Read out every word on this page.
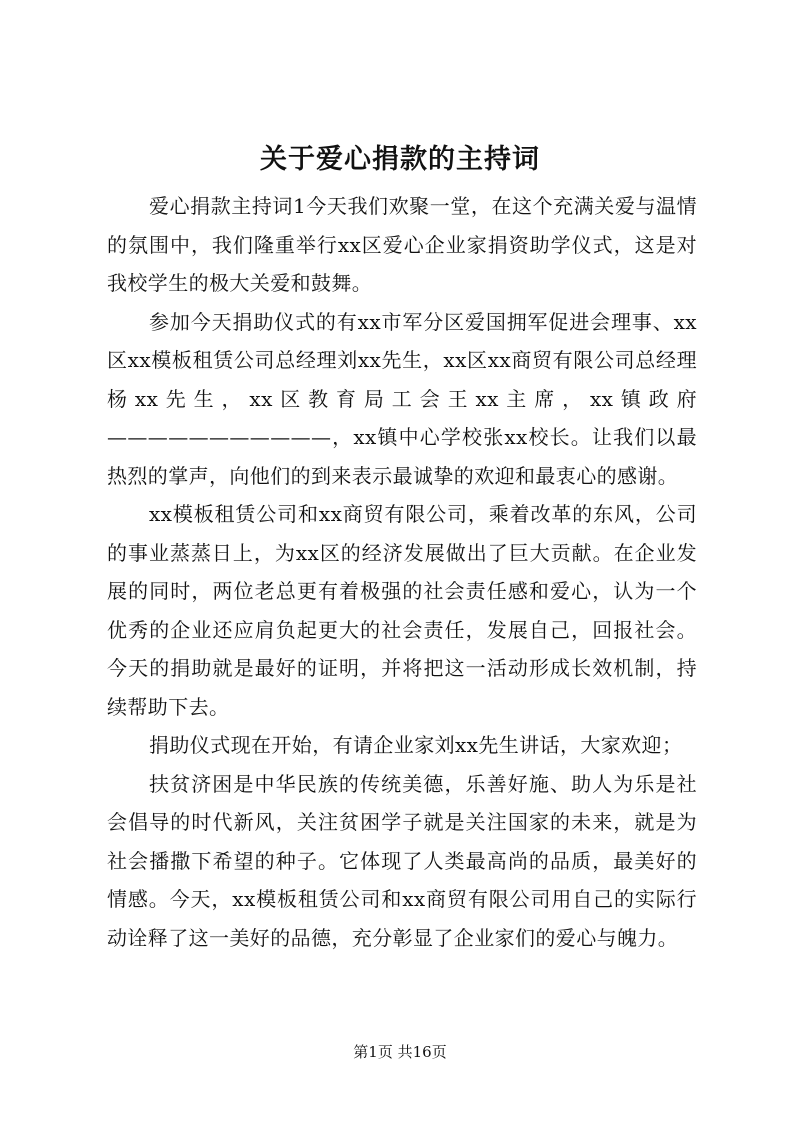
关于爱心捐款的主持词

爱心捐款主持词1今天我们欢聚一堂，在这个充满关爱与温情的氛围中，我们隆重举行xx区爱心企业家捐资助学仪式，这是对我校学生的极大关爱和鼓舞。

参加今天捐助仪式的有xx市军分区爱国拥军促进会理事、xx区xx模板租赁公司总经理刘xx先生，xx区xx商贸有限公司总经理杨xx先生，xx区教育局工会王xx主席，xx镇政府———————————，xx镇中心学校张xx校长。让我们以最热烈的掌声，向他们的到来表示最诚挚的欢迎和最衷心的感谢。

xx模板租赁公司和xx商贸有限公司，乘着改革的东风，公司的事业蒸蒸日上，为xx区的经济发展做出了巨大贡献。在企业发展的同时，两位老总更有着极强的社会责任感和爱心，认为一个优秀的企业还应肩负起更大的社会责任，发展自己，回报社会。今天的捐助就是最好的证明，并将把这一活动形成长效机制，持续帮助下去。

捐助仪式现在开始，有请企业家刘xx先生讲话，大家欢迎；

扶贫济困是中华民族的传统美德，乐善好施、助人为乐是社会倡导的时代新风，关注贫困学子就是关注国家的未来，就是为社会播撒下希望的种子。它体现了人类最高尚的品质，最美好的情感。今天，xx模板租赁公司和xx商贸有限公司用自己的实际行动诠释了这一美好的品德，充分彰显了企业家们的爱心与魄力。

第1页 共16页
